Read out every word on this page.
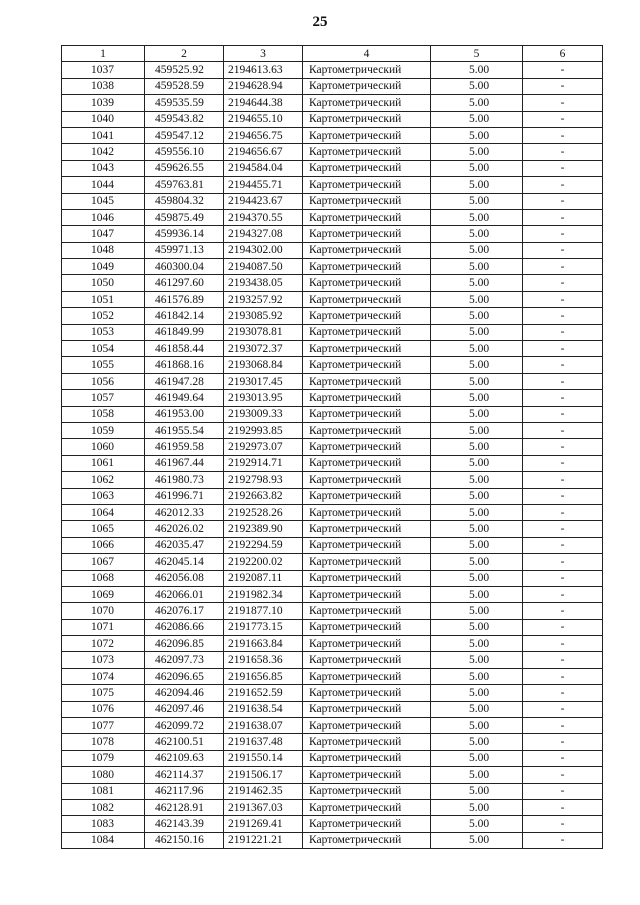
25
1	2	3	4	5	6
1037	459525.92	2194613.63	Картометрический	5.00	-
1038	459528.59	2194628.94	Картометрический	5.00	-
1039	459535.59	2194644.38	Картометрический	5.00	-
1040	459543.82	2194655.10	Картометрический	5.00	-
1041	459547.12	2194656.75	Картометрический	5.00	-
1042	459556.10	2194656.67	Картометрический	5.00	-
1043	459626.55	2194584.04	Картометрический	5.00	-
1044	459763.81	2194455.71	Картометрический	5.00	-
1045	459804.32	2194423.67	Картометрический	5.00	-
1046	459875.49	2194370.55	Картометрический	5.00	-
1047	459936.14	2194327.08	Картометрический	5.00	-
1048	459971.13	2194302.00	Картометрический	5.00	-
1049	460300.04	2194087.50	Картометрический	5.00	-
1050	461297.60	2193438.05	Картометрический	5.00	-
1051	461576.89	2193257.92	Картометрический	5.00	-
1052	461842.14	2193085.92	Картометрический	5.00	-
1053	461849.99	2193078.81	Картометрический	5.00	-
1054	461858.44	2193072.37	Картометрический	5.00	-
1055	461868.16	2193068.84	Картометрический	5.00	-
1056	461947.28	2193017.45	Картометрический	5.00	-
1057	461949.64	2193013.95	Картометрический	5.00	-
1058	461953.00	2193009.33	Картометрический	5.00	-
1059	461955.54	2192993.85	Картометрический	5.00	-
1060	461959.58	2192973.07	Картометрический	5.00	-
1061	461967.44	2192914.71	Картометрический	5.00	-
1062	461980.73	2192798.93	Картометрический	5.00	-
1063	461996.71	2192663.82	Картометрический	5.00	-
1064	462012.33	2192528.26	Картометрический	5.00	-
1065	462026.02	2192389.90	Картометрический	5.00	-
1066	462035.47	2192294.59	Картометрический	5.00	-
1067	462045.14	2192200.02	Картометрический	5.00	-
1068	462056.08	2192087.11	Картометрический	5.00	-
1069	462066.01	2191982.34	Картометрический	5.00	-
1070	462076.17	2191877.10	Картометрический	5.00	-
1071	462086.66	2191773.15	Картометрический	5.00	-
1072	462096.85	2191663.84	Картометрический	5.00	-
1073	462097.73	2191658.36	Картометрический	5.00	-
1074	462096.65	2191656.85	Картометрический	5.00	-
1075	462094.46	2191652.59	Картометрический	5.00	-
1076	462097.46	2191638.54	Картометрический	5.00	-
1077	462099.72	2191638.07	Картометрический	5.00	-
1078	462100.51	2191637.48	Картометрический	5.00	-
1079	462109.63	2191550.14	Картометрический	5.00	-
1080	462114.37	2191506.17	Картометрический	5.00	-
1081	462117.96	2191462.35	Картометрический	5.00	-
1082	462128.91	2191367.03	Картометрический	5.00	-
1083	462143.39	2191269.41	Картометрический	5.00	-
1084	462150.16	2191221.21	Картометрический	5.00	-
